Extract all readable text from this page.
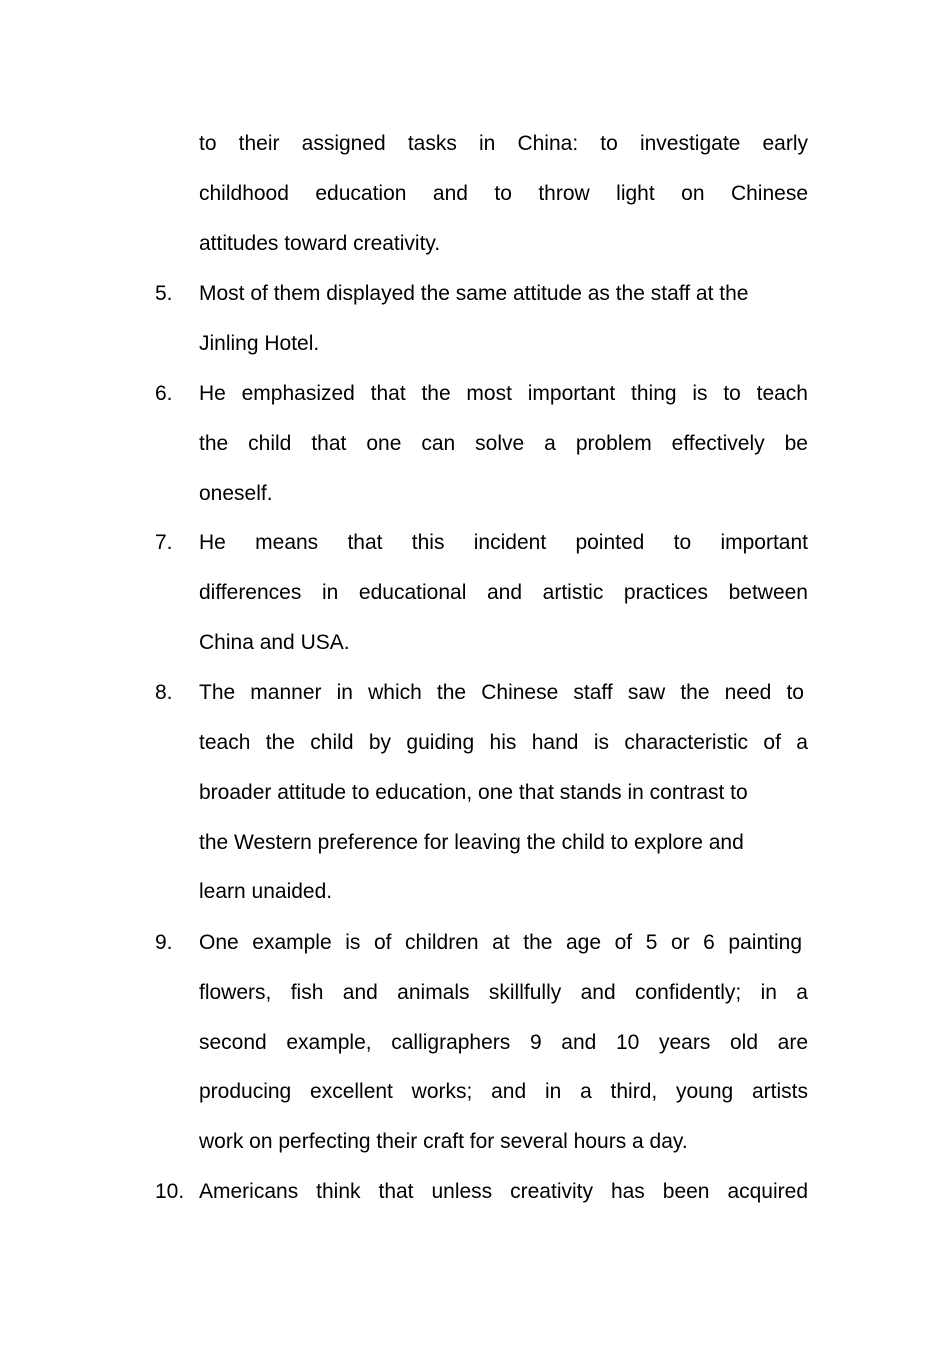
to their assigned tasks in China: to investigate early
childhood education and to throw light on Chinese
attitudes toward creativity.
5. Most of them displayed the same attitude as the staff at the
Jinling Hotel.
6. He emphasized that the most important thing is to teach
the child that one can solve a problem effectively be
oneself.
7. He means that this incident pointed to important
differences in educational and artistic practices between
China and USA.
8. The manner in which the Chinese staff saw the need to
teach the child by guiding his hand is characteristic of a
broader attitude to education, one that stands in contrast to
the Western preference for leaving the child to explore and
learn unaided.
9. One example is of children at the age of 5 or 6 painting
flowers, fish and animals skillfully and confidently; in a
second example, calligraphers 9 and 10 years old are
producing excellent works; and in a third, young artists
work on perfecting their craft for several hours a day.
10. Americans think that unless creativity has been acquired
